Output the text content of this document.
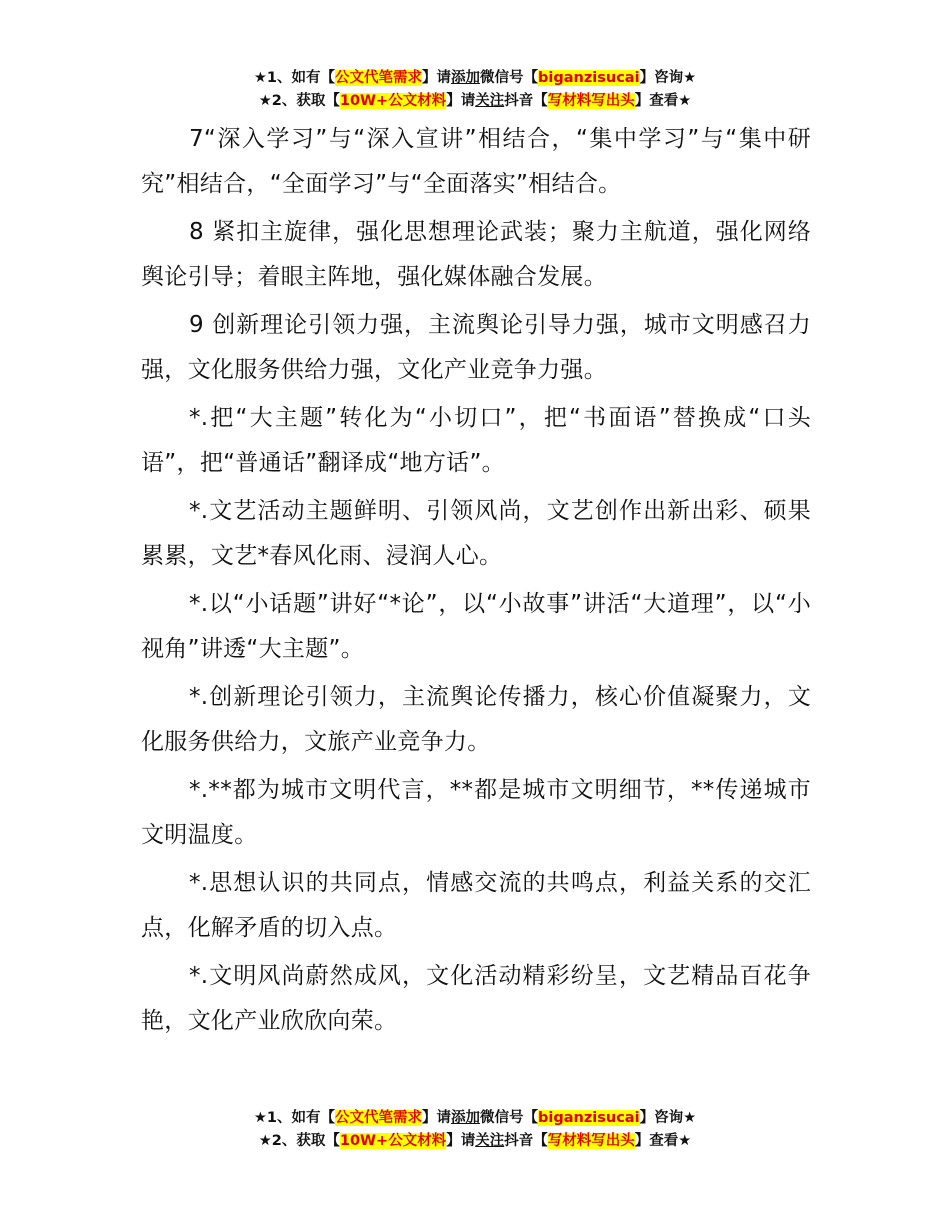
★1、如有【公文代笔需求】请添加微信号【biganzisucai】咨询★
★2、获取【10W+公文材料】请关注抖音【写材料写出头】查看★

7“深入学习”与“深入宣讲”相结合，“集中学习”与“集中研究”相结合，“全面学习”与“全面落实”相结合。

8 紧扣主旋律，强化思想理论武装；聚力主航道，强化网络舆论引导；着眼主阵地，强化媒体融合发展。

9 创新理论引领力强，主流舆论引导力强，城市文明感召力强，文化服务供给力强，文化产业竞争力强。

*.把“大主题”转化为“小切口”，把“书面语”替换成“口头语”，把“普通话”翻译成“地方话”。

*.文艺活动主题鲜明、引领风尚，文艺创作出新出彩、硕果累累，文艺*春风化雨、浸润人心。

*.以“小话题”讲好“*论”，以“小故事”讲活“大道理”，以“小视角”讲透“大主题”。

*.创新理论引领力，主流舆论传播力，核心价值凝聚力，文化服务供给力，文旅产业竞争力。

*.**都为城市文明代言，**都是城市文明细节，**传递城市文明温度。

*.思想认识的共同点，情感交流的共鸣点，利益关系的交汇点，化解矛盾的切入点。

*.文明风尚蔚然成风，文化活动精彩纷呈，文艺精品百花争艳，文化产业欣欣向荣。

★1、如有【公文代笔需求】请添加微信号【biganzisucai】咨询★
★2、获取【10W+公文材料】请关注抖音【写材料写出头】查看★
